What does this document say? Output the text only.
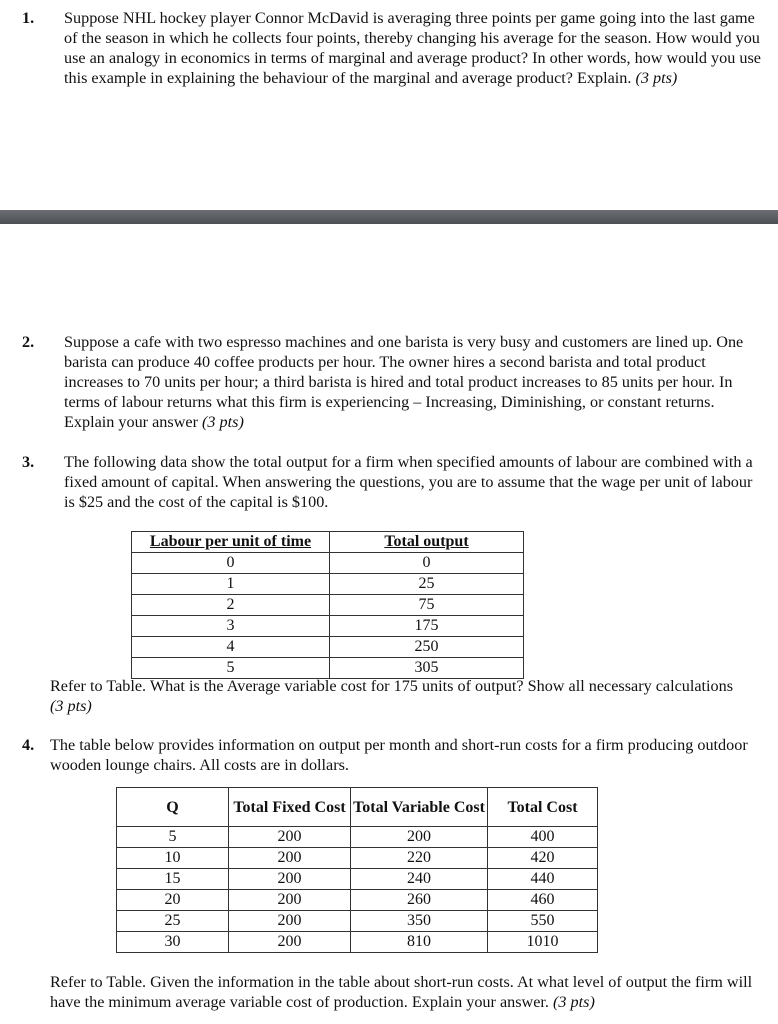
1. Suppose NHL hockey player Connor McDavid is averaging three points per game going into the last game of the season in which he collects four points, thereby changing his average for the season. How would you use an analogy in economics in terms of marginal and average product? In other words, how would you use this example in explaining the behaviour of the marginal and average product? Explain. (3 pts)

2. Suppose a cafe with two espresso machines and one barista is very busy and customers are lined up. One barista can produce 40 coffee products per hour. The owner hires a second barista and total product increases to 70 units per hour; a third barista is hired and total product increases to 85 units per hour. In terms of labour returns what this firm is experiencing – Increasing, Diminishing, or constant returns. Explain your answer (3 pts)

3. The following data show the total output for a firm when specified amounts of labour are combined with a fixed amount of capital. When answering the questions, you are to assume that the wage per unit of labour is $25 and the cost of the capital is $100.

Labour per unit of time	Total output
0	0
1	25
2	75
3	175
4	250
5	305

Refer to Table. What is the Average variable cost for 175 units of output? Show all necessary calculations (3 pts)

4. The table below provides information on output per month and short-run costs for a firm producing outdoor wooden lounge chairs. All costs are in dollars.

Q	Total Fixed Cost	Total Variable Cost	Total Cost
5	200	200	400
10	200	220	420
15	200	240	440
20	200	260	460
25	200	350	550
30	200	810	1010

Refer to Table. Given the information in the table about short-run costs. At what level of output the firm will have the minimum average variable cost of production. Explain your answer. (3 pts)
